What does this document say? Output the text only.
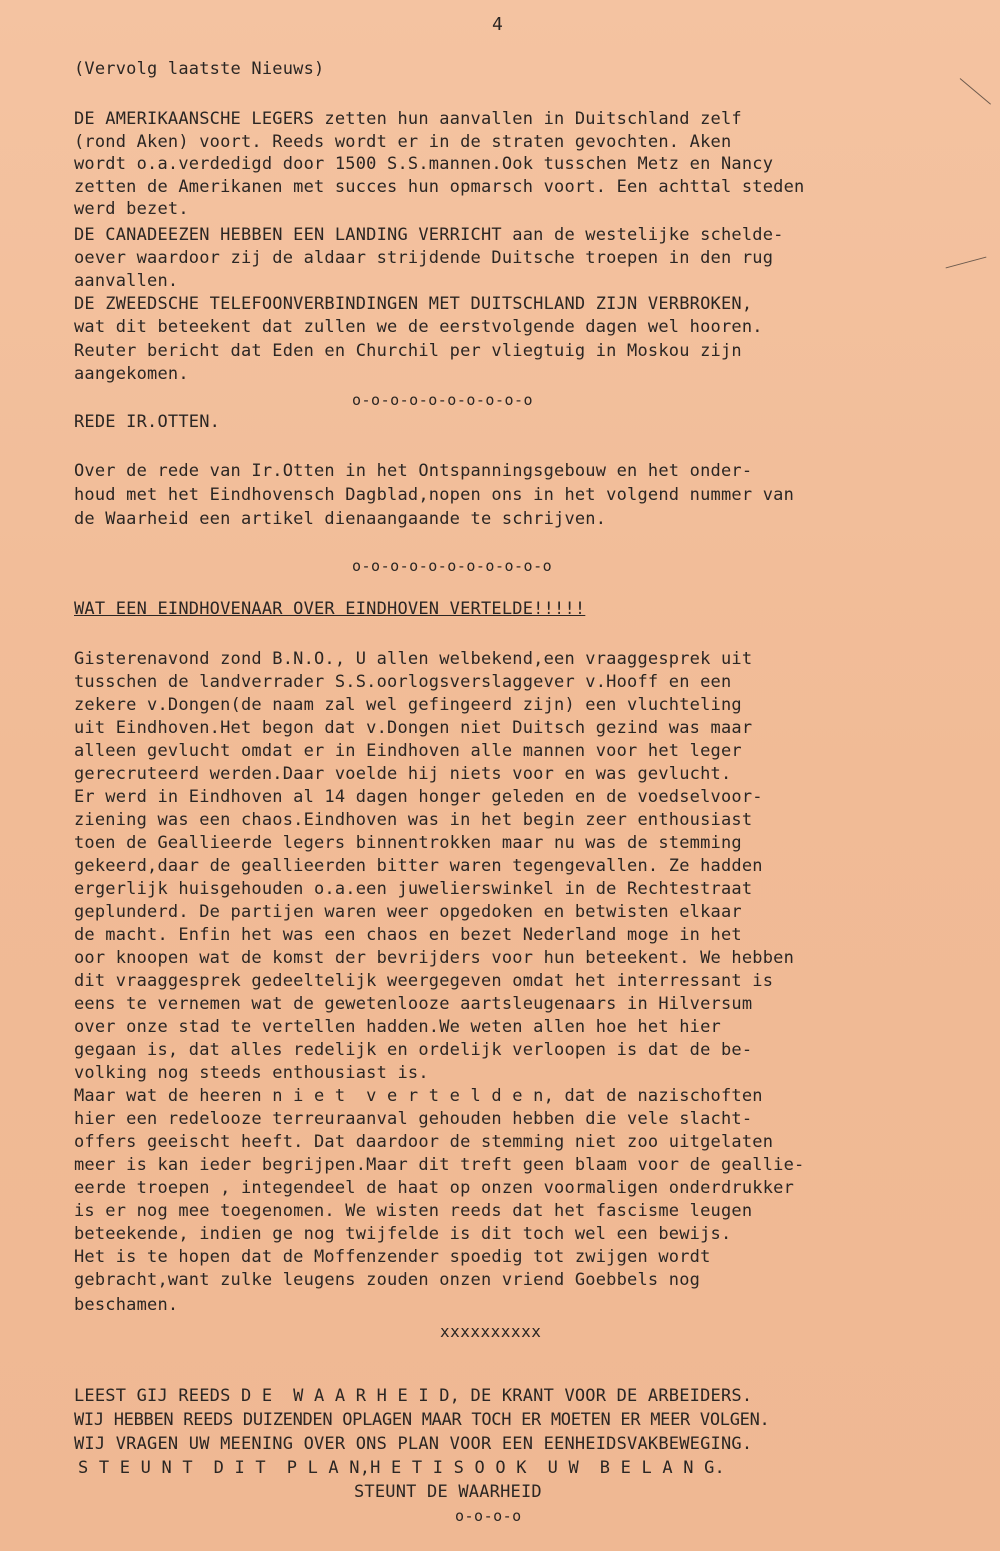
4
(Vervolg laatste Nieuws)
DE AMERIKAANSCHE LEGERS zetten hun aanvallen in Duitschland zelf
(rond Aken) voort. Reeds wordt er in de straten gevochten. Aken
wordt o.a.verdedigd door 1500 S.S.mannen.Ook tusschen Metz en Nancy
zetten de Amerikanen met succes hun opmarsch voort. Een achttal steden
werd bezet.
DE CANADEEZEN HEBBEN EEN LANDING VERRICHT aan de westelijke schelde-
oever waardoor zij de aldaar strijdende Duitsche troepen in den rug
aanvallen.
DE ZWEEDSCHE TELEFOONVERBINDINGEN MET DUITSCHLAND ZIJN VERBROKEN,
wat dit beteekent dat zullen we de eerstvolgende dagen wel hooren.
Reuter bericht dat Eden en Churchil per vliegtuig in Moskou zijn
aangekomen.
o-o-o-o-o-o-o-o-o-o
REDE IR.OTTEN.
Over de rede van Ir.Otten in het Ontspanningsgebouw en het onder-
houd met het Eindhovensch Dagblad,nopen ons in het volgend nummer van
de Waarheid een artikel dienaangaande te schrijven.
o-o-o-o-o-o-o-o-o-o-o
WAT EEN EINDHOVENAAR OVER EINDHOVEN VERTELDE!!!!!
Gisterenavond zond B.N.O., U allen welbekend,een vraaggesprek uit
tusschen de landverrader S.S.oorlogsverslaggever v.Hooff en een
zekere v.Dongen(de naam zal wel gefingeerd zijn) een vluchteling
uit Eindhoven.Het begon dat v.Dongen niet Duitsch gezind was maar
alleen gevlucht omdat er in Eindhoven alle mannen voor het leger
gerecruteerd werden.Daar voelde hij niets voor en was gevlucht.
Er werd in Eindhoven al 14 dagen honger geleden en de voedselvoor-
ziening was een chaos.Eindhoven was in het begin zeer enthousiast
toen de Geallieerde legers binnentrokken maar nu was de stemming
gekeerd,daar de geallieerden bitter waren tegengevallen. Ze hadden
ergerlijk huisgehouden o.a.een juwelierswinkel in de Rechtestraat
geplunderd. De partijen waren weer opgedoken en betwisten elkaar
de macht. Enfin het was een chaos en bezet Nederland moge in het
oor knoopen wat de komst der bevrijders voor hun beteekent. We hebben
dit vraaggesprek gedeeltelijk weergegeven omdat het interressant is
eens te vernemen wat de gewetenlooze aartsleugenaars in Hilversum
over onze stad te vertellen hadden.We weten allen hoe het hier
gegaan is, dat alles redelijk en ordelijk verloopen is dat de be-
volking nog steeds enthousiast is.
Maar wat de heeren n i e t  v e r t e l d e n, dat de nazischoften
hier een redelooze terreuraanval gehouden hebben die vele slacht-
offers geeischt heeft. Dat daardoor de stemming niet zoo uitgelaten
meer is kan ieder begrijpen.Maar dit treft geen blaam voor de geallie-
eerde troepen , integendeel de haat op onzen voormaligen onderdrukker
is er nog mee toegenomen. We wisten reeds dat het fascisme leugen
beteekende, indien ge nog twijfelde is dit toch wel een bewijs.
Het is te hopen dat de Moffenzender spoedig tot zwijgen wordt
gebracht,want zulke leugens zouden onzen vriend Goebbels nog
beschamen.
xxxxxxxxxx
LEEST GIJ REEDS D E  W A A R H E I D, DE KRANT VOOR DE ARBEIDERS.
WIJ HEBBEN REEDS DUIZENDEN OPLAGEN MAAR TOCH ER MOETEN ER MEER VOLGEN.
WIJ VRAGEN UW MEENING OVER ONS PLAN VOOR EEN EENHEIDSVAKBEWEGING.
S T E U N T  D I T  P L A N,H E T I S O O K  U W  B E L A N G.
STEUNT DE WAARHEID
o-o-o-o
